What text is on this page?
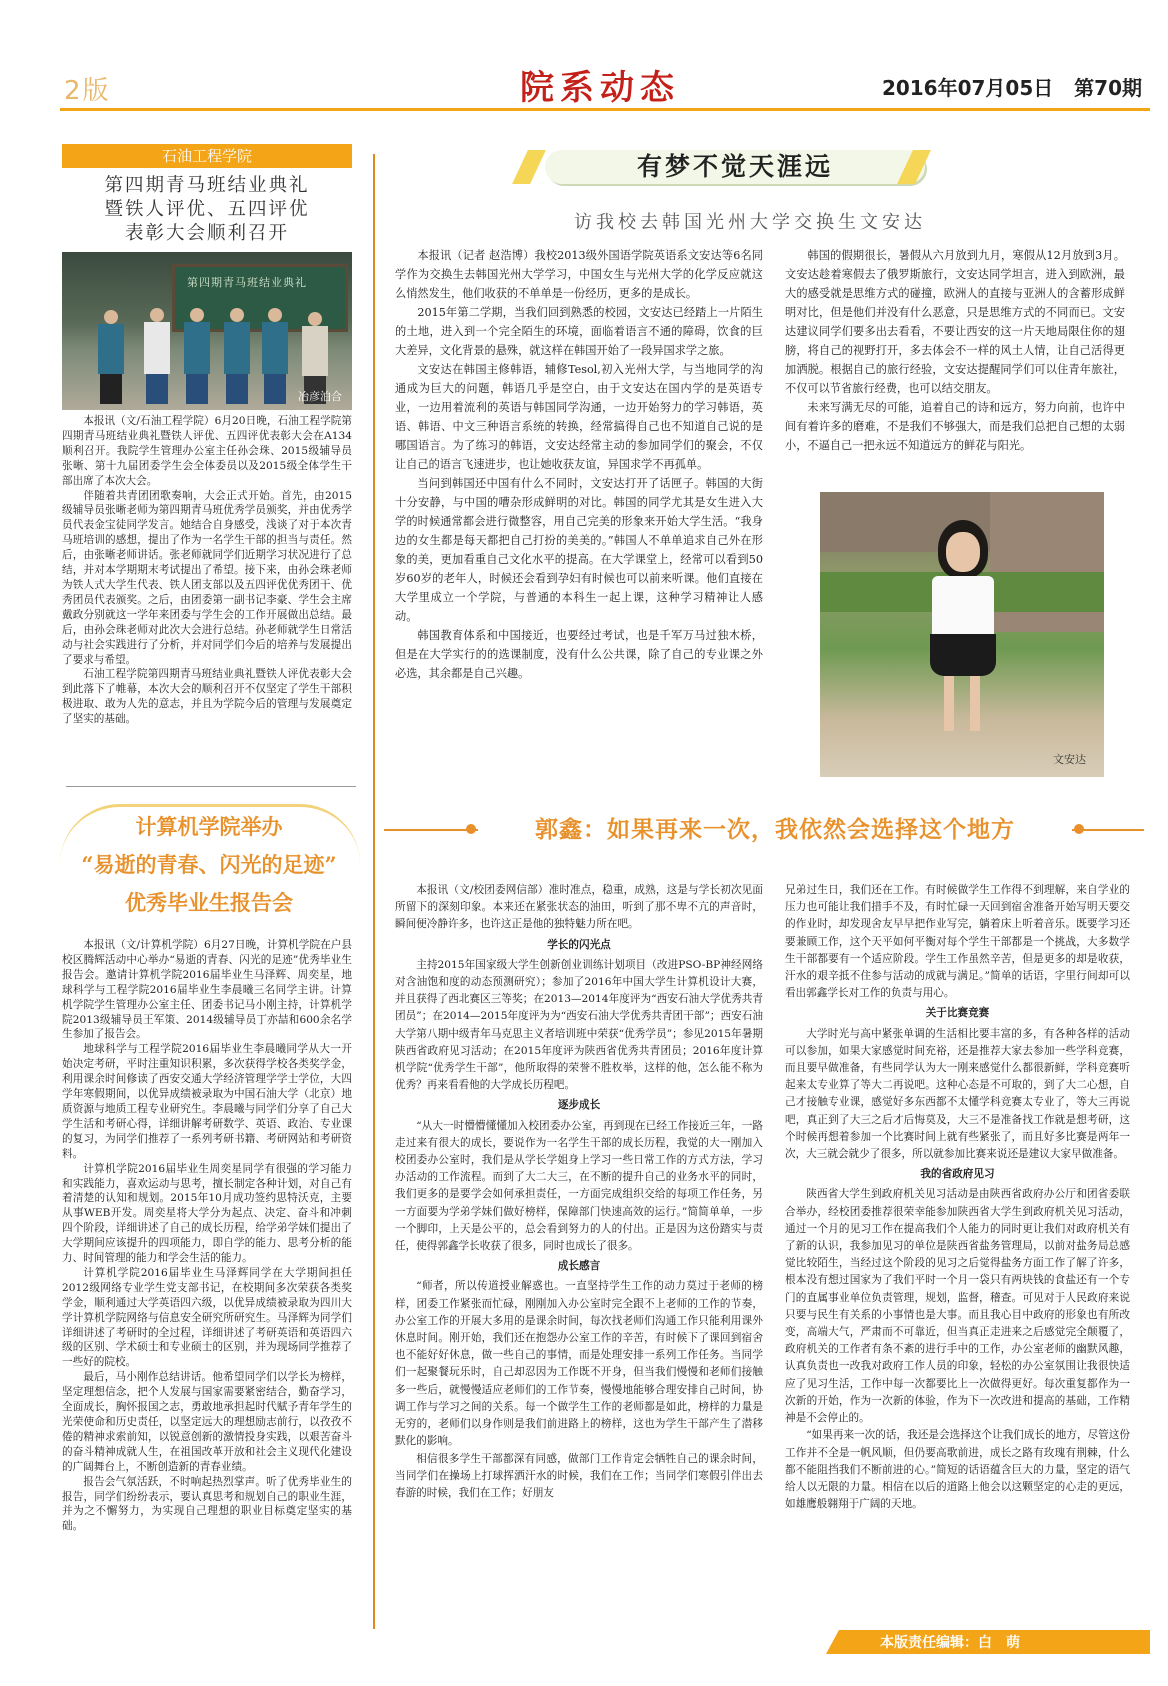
2版	院系动态	2016年07月05日 第70期
石油工程学院
第四期青马班结业典礼
暨铁人评优、五四评优
表彰大会顺利召开
第四期青马班结业典礼
冶彦泊合

本报讯（文/石油工程学院）6月20日晚，石油工程学院第四期青马班结业典礼暨铁人评优、五四评优表彰大会在A134顺利召开。我院学生管理办公室主任孙会珠、2015级辅导员张晰、第十九届团委学生会全体委员以及2015级全体学生干部出席了本次大会。

伴随着共青团团歌奏响，大会正式开始。首先，由2015级辅导员张晰老师为第四期青马班优秀学员颁奖，并由优秀学员代表金宝徒同学发言。她结合自身感受，浅谈了对于本次青马班培训的感想，提出了作为一名学生干部的担当与责任。然后，由张晰老师讲话。张老师就同学们近期学习状况进行了总结，并对本学期期末考试提出了希望。接下来，由孙会珠老师为铁人式大学生代表、铁人团支部以及五四评优优秀团干、优秀团员代表颁奖。之后，由团委第一副书记李豪、学生会主席戴政分别就这一学年来团委与学生会的工作开展做出总结。最后，由孙会珠老师对此次大会进行总结。孙老师就学生日常活动与社会实践进行了分析，并对同学们今后的培养与发展提出了要求与希望。

石油工程学院第四期青马班结业典礼暨铁人评优表彰大会到此落下了帷幕，本次大会的顺利召开不仅坚定了学生干部积极进取、敢为人先的意志，并且为学院今后的管理与发展奠定了坚实的基础。

计算机学院举办
“易逝的青春、闪光的足迹”
优秀毕业生报告会

本报讯（文/计算机学院）6月27日晚，计算机学院在户县校区腾辉活动中心举办“易逝的青春、闪光的足迹”优秀毕业生报告会。邀请计算机学院2016届毕业生马泽辉、周奕星，地球科学与工程学院2016届毕业生李晨曦三名同学主讲。计算机学院学生管理办公室主任、团委书记马小刚主持，计算机学院2013级辅导员王军策、2014级辅导员丁亦喆和600余名学生参加了报告会。

地球科学与工程学院2016届毕业生李晨曦同学从大一开始决定考研，平时注重知识积累，多次获得学校各类奖学金，利用课余时间修读了西安交通大学经济管理学学士学位，大四学年寒假期间，以优异成绩被录取为中国石油大学（北京）地质资源与地质工程专业研究生。李晨曦与同学们分享了自己大学生活和考研心得，详细讲解考研数学、英语、政治、专业课的复习，为同学们推荐了一系列考研书籍、考研网站和考研资料。

计算机学院2016届毕业生周奕星同学有很强的学习能力和实践能力，喜欢运动与思考，擅长制定各种计划，对自己有着清楚的认知和规划。2015年10月成功签约思特沃克，主要从事WEB开发。周奕星将大学分为起点、决定、奋斗和冲刺四个阶段，详细讲述了自己的成长历程，给学弟学妹们提出了大学期间应该提升的四项能力，即自学的能力、思考分析的能力、时间管理的能力和学会生活的能力。

计算机学院2016届毕业生马泽辉同学在大学期间担任2012级网络专业学生党支部书记，在校期间多次荣获各类奖学金，顺利通过大学英语四六级，以优异成绩被录取为四川大学计算机学院网络与信息安全研究所研究生。马泽辉为同学们详细讲述了考研时的全过程，详细讲述了考研英语和英语四六级的区别、学术硕士和专业硕士的区别，并为现场同学推荐了一些好的院校。

最后，马小刚作总结讲话。他希望同学们以学长为榜样，坚定理想信念，把个人发展与国家需要紧密结合，勤奋学习，全面成长，胸怀报国之志，勇敢地承担起时代赋予青年学生的光荣使命和历史责任，以坚定远大的理想励志前行，以孜孜不倦的精神求索前知，以锐意创新的激情投身实践，以艰苦奋斗的奋斗精神成就人生，在祖国改革开放和社会主义现代化建设的广阔舞台上，不断创造新的青春业绩。

报告会气氛活跃，不时响起热烈掌声。听了优秀毕业生的报告，同学们纷纷表示，要认真思考和规划自己的职业生涯，并为之不懈努力，为实现自己理想的职业目标奠定坚实的基础。

有梦不觉天涯远
访我校去韩国光州大学交换生文安达

本报讯（记者 赵浩博）我校2013级外国语学院英语系文安达等6名同学作为交换生去韩国光州大学学习，中国女生与光州大学的化学反应就这么悄然发生，他们收获的不单单是一份经历，更多的是成长。

2015年第二学期，当我们回到熟悉的校园，文安达已经踏上一片陌生的土地，进入到一个完全陌生的环境，面临着语言不通的障碍，饮食的巨大差异，文化背景的悬殊，就这样在韩国开始了一段异国求学之旅。

文安达在韩国主修韩语，辅修Tesol,初入光州大学，与当地同学的沟通成为巨大的问题，韩语几乎是空白，由于文安达在国内学的是英语专业，一边用着流利的英语与韩国同学沟通，一边开始努力的学习韩语，英语、韩语、中文三种语言系统的转换，经常搞得自己也不知道自己说的是哪国语言。为了练习的韩语，文安达经常主动的参加同学们的聚会，不仅让自己的语言飞速进步，也让她收获友谊，异国求学不再孤单。

当问到韩国还中国有什么不同时，文安达打开了话匣子。韩国的大街十分安静，与中国的嘈杂形成鲜明的对比。韩国的同学尤其是女生进入大学的时候通常都会进行微整容，用自己完美的形象来开始大学生活。“我身边的女生都是每天都把自己打扮的美美的。”韩国人不单单追求自己外在形象的美，更加看重自己文化水平的提高。在大学课堂上，经常可以看到50岁60岁的老年人，时候还会看到孕妇有时候也可以前来听课。他们直接在大学里成立一个学院，与普通的本科生一起上课，这种学习精神让人感动。

韩国教育体系和中国接近，也要经过考试，也是千军万马过独木桥，但是在大学实行的的选课制度，没有什么公共课，除了自己的专业课之外必选，其余都是自己兴趣。

韩国的假期很长，暑假从六月放到九月，寒假从12月放到3月。文安达趁着寒假去了俄罗斯旅行，文安达同学坦言，进入到欧洲，最大的感受就是思维方式的碰撞，欧洲人的直接与亚洲人的含蓄形成鲜明对比，但是他们并没有什么恶意，只是思维方式的不同而已。文安达建议同学们要多出去看看，不要让西安的这一片天地局限住你的翅膀，将自己的视野打开，多去体会不一样的风土人情，让自己活得更加洒脱。根据自己的旅行经验，文安达提醒同学们可以住青年旅社，不仅可以节省旅行经费，也可以结交朋友。

未来写满无尽的可能，追着自己的诗和远方，努力向前，也许中间有着许多的磨难，不是我们不够强大，而是我们总把自己想的太弱小，不逼自己一把永远不知道远方的鲜花与阳光。

文安达
郭鑫：如果再来一次，我依然会选择这个地方

本报讯（文/校团委网信部）准时准点，稳重，成熟，这是与学长初次见面所留下的深刻印象。本来还在紧张状态的油田，听到了那不卑不亢的声音时，瞬间便冷静许多，也许这正是他的独特魅力所在吧。

学长的闪光点

主持2015年国家级大学生创新创业训练计划项目（改进PSO-BP神经网络对含油饱和度的动态预测研究）；参加了2016年中国大学生计算机设计大赛，并且获得了西北赛区三等奖；在2013—2014年度评为“西安石油大学优秀共青团员”；在2014—2015年度评为为“西安石油大学优秀共青团干部”；西安石油大学第八期中级青年马克思主义者培训班中荣获“优秀学员”；参见2015年暑期陕西省政府见习活动；在2015年度评为陕西省优秀共青团员；2016年度计算机学院“优秀学生干部”，他所取得的荣誉不胜枚举，这样的他，怎么能不称为优秀？再来看看他的大学成长历程吧。

逐步成长

“从大一时懵懵懂懂加入校团委办公室，再到现在已经工作接近三年，一路走过来有很大的成长，要说作为一名学生干部的成长历程，我觉的大一刚加入校团委办公室时，我们是从学长学姐身上学习一些日常工作的方式方法，学习办活动的工作流程。而到了大二大三，在不断的提升自己的业务水平的同时，我们更多的是要学会如何承担责任，一方面完成组织交给的每项工作任务，另一方面要为学弟学妹们做好榜样，保障部门快速高效的运行。”简简单单，一步一个脚印，上天是公平的，总会看到努力的人的付出。正是因为这份踏实与责任，使得郭鑫学长收获了很多，同时也成长了很多。

成长感言

“师者，所以传道授业解惑也。一直坚持学生工作的动力莫过于老师的榜样，团委工作紧张而忙碌，刚刚加入办公室时完全跟不上老师的工作的节奏，办公室工作的开展大多用的是课余时间，每次找老师们沟通工作只能利用课外休息时间。刚开始，我们还在抱怨办公室工作的辛苦，有时候下了课回到宿舍也不能好好休息，做一些自己的事情，而是处理安排一系列工作任务。当同学们一起聚餐玩乐时，自己却忍因为工作既不开身，但当我们慢慢和老师们接触多一些后，就慢慢适应老师们的工作节奏，慢慢地能够合理安排自己时间，协调工作与学习之间的关系。每一个做学生工作的老师都是如此，榜样的力量是无穷的，老师们以身作则是我们前进路上的榜样，这也为学生干部产生了潜移默化的影响。

相信很多学生干部都深有同感，做部门工作肯定会牺牲自己的课余时间，当同学们在操场上打球挥洒汗水的时候，我们在工作；当同学们寒假引伴出去春游的时候，我们在工作；好朋友

兄弟过生日，我们还在工作。有时候做学生工作得不到理解，来自学业的压力也可能让我们措手不及，有时忙碌一天回到宿舍准备开始写明天要交的作业时，却发现舍友早早把作业写完，躺着床上听着音乐。既要学习还要兼顾工作，这个天平如何平衡对每个学生干部都是一个挑战，大多数学生干部都要有一个适应阶段。学生工作虽然辛苦，但是更多的却是收获，汗水的艰辛抵不住参与活动的成就与满足。”简单的话语，字里行间却可以看出郭鑫学长对工作的负责与用心。

关于比赛竞赛

大学时光与高中紧张单调的生活相比要丰富的多，有各种各样的活动可以参加，如果大家感觉时间充裕，还是推荐大家去参加一些学科竞赛，而且要早做准备，有些同学认为大一刚来感觉什么都很新鲜，学科竞赛听起来太专业算了等大二再说吧。这种心态是不可取的，到了大二心想，自己才接触专业课，感觉好多东西都不太懂学科竞赛太专业了，等大三再说吧，真正到了大三之后才后悔莫及，大三不是准备找工作就是想考研，这个时候再想着参加一个比赛时间上就有些紧张了，而且好多比赛是两年一次，大三就会就少了很多，所以就参加比赛来说还是建议大家早做准备。

我的省政府见习

陕西省大学生到政府机关见习活动是由陕西省政府办公厅和团省委联合举办，经校团委推荐很荣幸能参加陕西省大学生到政府机关见习活动，通过一个月的见习工作在提高我们个人能力的同时更让我们对政府机关有了新的认识，我参加见习的单位是陕西省盐务管理局，以前对盐务局总感觉比较陌生，当经过这个阶段的见习之后觉得盐务方面工作了解了许多，根本没有想过国家为了我们平时一个月一袋只有两块钱的食盐还有一个专门的直属事业单位负责管理，规划，监督，稽查。可见对于人民政府来说只要与民生有关系的小事情也是大事。而且我心目中政府的形象也有所改变，高端大气，严肃而不可靠近，但当真正走进来之后感觉完全颠覆了，政府机关的工作者有条不紊的进行手中的工作，办公室老师的幽默风趣，认真负责也一改我对政府工作人员的印象，轻松的办公室氛围让我很快适应了见习生活，工作中每一次都要比上一次做得更好。每次重复都作为一次新的开始，作为一次新的体验，作为下一次改进和提高的基础，工作精神是不会停止的。

“如果再来一次的话，我还是会选择这个让我们成长的地方，尽管这份工作并不全是一帆风顺，但仍要高歌前进，成长之路有玫瑰有荆棘，什么都不能阻挡我们不断前进的心。”简短的话语蕴含巨大的力量，坚定的语气给人以无限的力量。相信在以后的道路上他会以这颗坚定的心走的更远，如雄鹰般翱翔于广阔的天地。

本版责任编辑：白　萌
